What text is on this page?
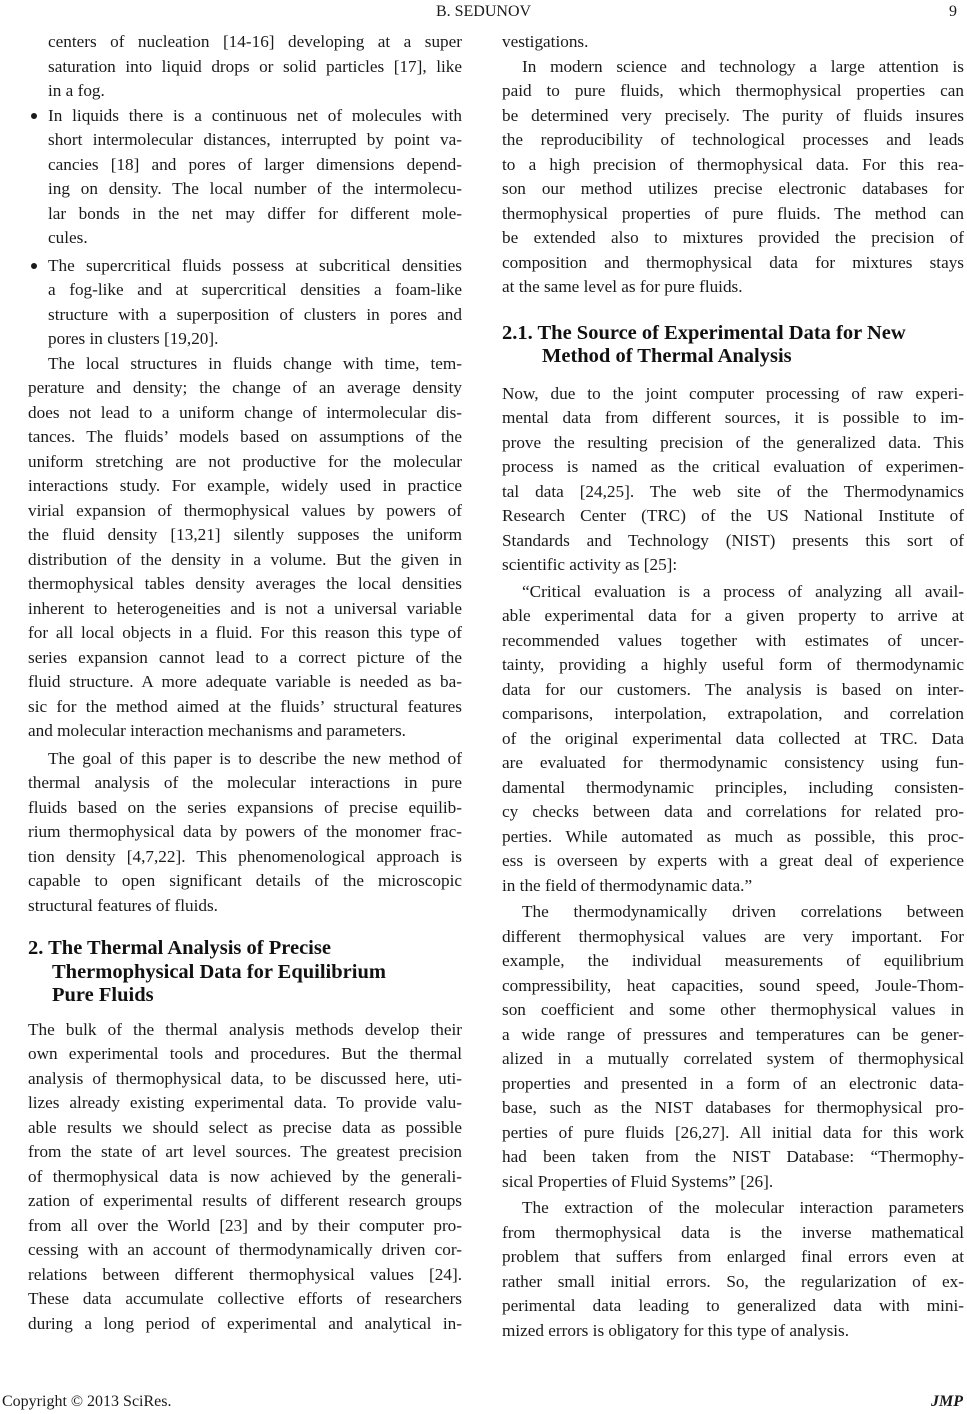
B. SEDUNOV	9
centers of nucleation [14-16] developing at a super
saturation into liquid drops or solid particles [17], like
in a fog.
In liquids there is a continuous net of molecules with
short intermolecular distances, interrupted by point va-
cancies [18] and pores of larger dimensions depend-
ing on density. The local number of the intermolecu-
lar bonds in the net may differ for different mole-
cules.
The supercritical fluids possess at subcritical densities
a fog-like and at supercritical densities a foam-like
structure with a superposition of clusters in pores and
pores in clusters [19,20].
The local structures in fluids change with time, tem-
perature and density; the change of an average density
does not lead to a uniform change of intermolecular dis-
tances. The fluids’ models based on assumptions of the
uniform stretching are not productive for the molecular
interactions study. For example, widely used in practice
virial expansion of thermophysical values by powers of
the fluid density [13,21] silently supposes the uniform
distribution of the density in a volume. But the given in
thermophysical tables density averages the local densities
inherent to heterogeneities and is not a universal variable
for all local objects in a fluid. For this reason this type of
series expansion cannot lead to a correct picture of the
fluid structure. A more adequate variable is needed as ba-
sic for the method aimed at the fluids’ structural features
and molecular interaction mechanisms and parameters.
The goal of this paper is to describe the new method of
thermal analysis of the molecular interactions in pure
fluids based on the series expansions of precise equilib-
rium thermophysical data by powers of the monomer frac-
tion density [4,7,22]. This phenomenological approach is
capable to open significant details of the microscopic
structural features of fluids.
2. The Thermal Analysis of Precise
Thermophysical Data for Equilibrium
Pure Fluids
The bulk of the thermal analysis methods develop their
own experimental tools and procedures. But the thermal
analysis of thermophysical data, to be discussed here, uti-
lizes already existing experimental data. To provide valu-
able results we should select as precise data as possible
from the state of art level sources. The greatest precision
of thermophysical data is now achieved by the generali-
zation of experimental results of different research groups
from all over the World [23] and by their computer pro-
cessing with an account of thermodynamically driven cor-
relations between different thermophysical values [24].
These data accumulate collective efforts of researchers
during a long period of experimental and analytical in-
vestigations.
In modern science and technology a large attention is
paid to pure fluids, which thermophysical properties can
be determined very precisely. The purity of fluids insures
the reproducibility of technological processes and leads
to a high precision of thermophysical data. For this rea-
son our method utilizes precise electronic databases for
thermophysical properties of pure fluids. The method can
be extended also to mixtures provided the precision of
composition and thermophysical data for mixtures stays
at the same level as for pure fluids.
2.1. The Source of Experimental Data for New
Method of Thermal Analysis
Now, due to the joint computer processing of raw experi-
mental data from different sources, it is possible to im-
prove the resulting precision of the generalized data. This
process is named as the critical evaluation of experimen-
tal data [24,25]. The web site of the Thermodynamics
Research Center (TRC) of the US National Institute of
Standards and Technology (NIST) presents this sort of
scientific activity as [25]:
“Critical evaluation is a process of analyzing all avail-
able experimental data for a given property to arrive at
recommended values together with estimates of uncer-
tainty, providing a highly useful form of thermodynamic
data for our customers. The analysis is based on inter-
comparisons, interpolation, extrapolation, and correlation
of the original experimental data collected at TRC. Data
are evaluated for thermodynamic consistency using fun-
damental thermodynamic principles, including consisten-
cy checks between data and correlations for related pro-
perties. While automated as much as possible, this proc-
ess is overseen by experts with a great deal of experience
in the field of thermodynamic data.”
The thermodynamically driven correlations between
different thermophysical values are very important. For
example, the individual measurements of equilibrium
compressibility, heat capacities, sound speed, Joule-Thom-
son coefficient and some other thermophysical values in
a wide range of pressures and temperatures can be gener-
alized in a mutually correlated system of thermophysical
properties and presented in a form of an electronic data-
base, such as the NIST databases for thermophysical pro-
perties of pure fluids [26,27]. All initial data for this work
had been taken from the NIST Database: “Thermophy-
sical Properties of Fluid Systems” [26].
The extraction of the molecular interaction parameters
from thermophysical data is the inverse mathematical
problem that suffers from enlarged final errors even at
rather small initial errors. So, the regularization of ex-
perimental data leading to generalized data with mini-
mized errors is obligatory for this type of analysis.
Copyright © 2013 SciRes.	JMP
